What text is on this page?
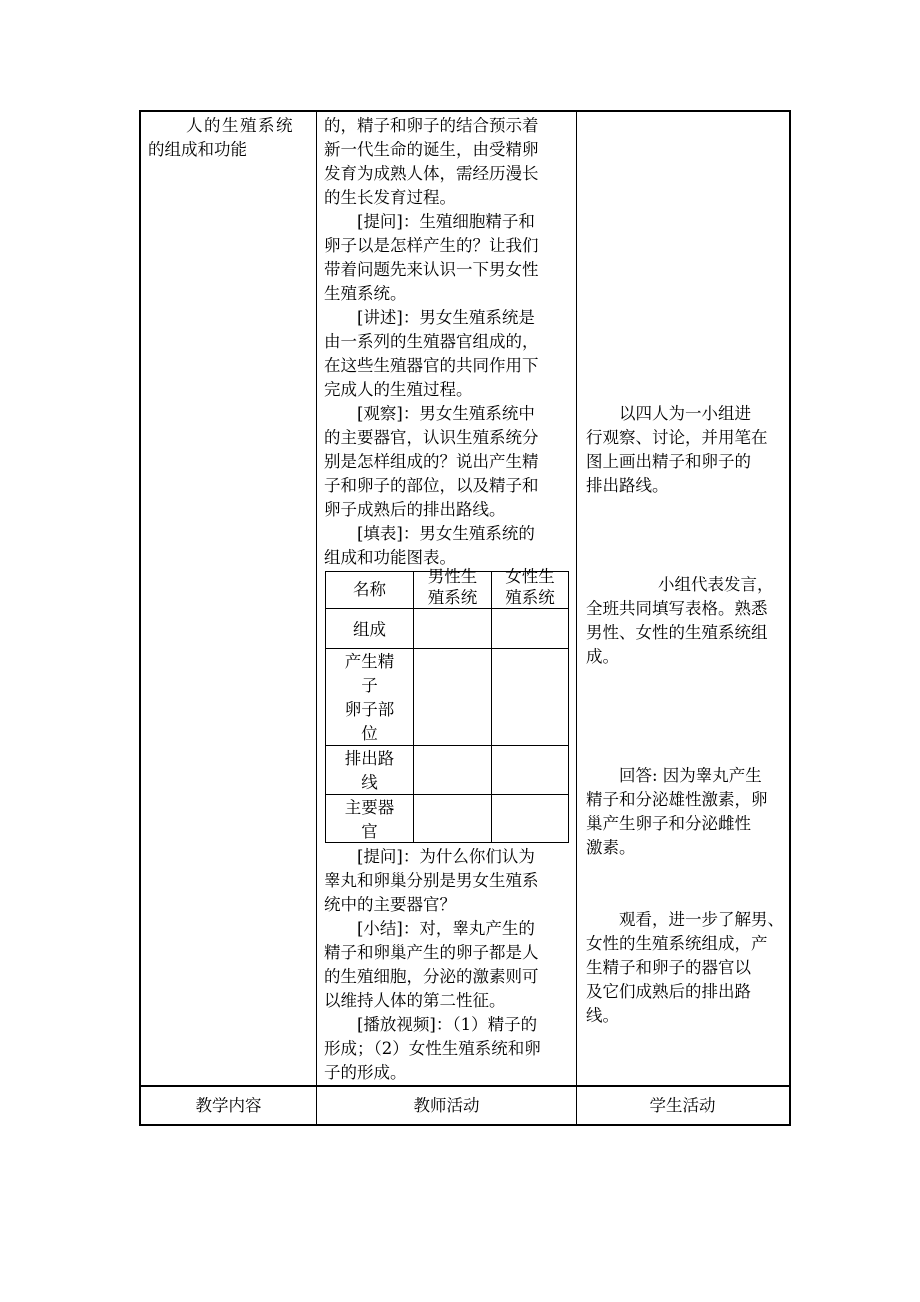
人的生殖系统
的组成和功能
的，精子和卵子的结合预示着
新一代生命的诞生，由受精卵
发育为成熟人体，需经历漫长
的生长发育过程。
[提问]：生殖细胞精子和
卵子以是怎样产生的？让我们
带着问题先来认识一下男女性
生殖系统。
[讲述]：男女生殖系统是
由一系列的生殖器官组成的，
在这些生殖器官的共同作用下
完成人的生殖过程。
[观察]：男女生殖系统中
的主要器官，认识生殖系统分
别是怎样组成的？说出产生精
子和卵子的部位，以及精子和
卵子成熟后的排出路线。
[填表]：男女生殖系统的
组成和功能图表。
[提问]：为什么你们认为
睾丸和卵巢分别是男女生殖系
统中的主要器官？
[小结]：对，睾丸产生的
精子和卵巢产生的卵子都是人
的生殖细胞，分泌的激素则可
以维持人体的第二性征。
[播放视频]：（1）精子的
形成；（2）女性生殖系统和卵
子的形成。
名称
男性生
殖系统
女性生
殖系统
组成
产生精
子
卵子部
位
排出路
线
主要器
官
以四人为一小组进
行观察、讨论，并用笔在
图上画出精子和卵子的
排出路线。
小组代表发言，
全班共同填写表格。熟悉
男性、女性的生殖系统组
成。
回答: 因为睾丸产生
精子和分泌雄性激素，卵
巢产生卵子和分泌雌性
激素。
观看，进一步了解男、
女性的生殖系统组成，产
生精子和卵子的器官以
及它们成熟后的排出路
线。
教学内容	教师活动	学生活动
